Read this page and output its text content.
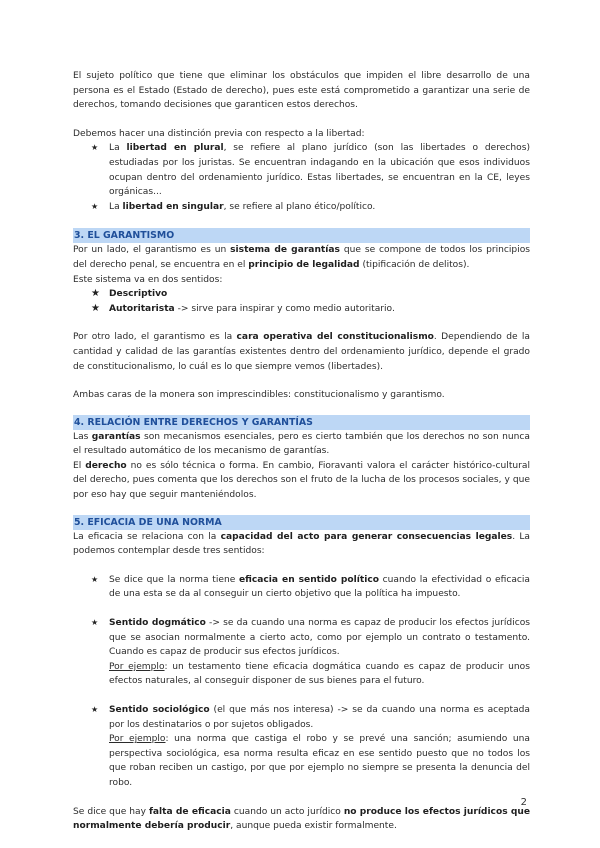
El sujeto político que tiene que eliminar los obstáculos que impiden el libre desarrollo de una persona es el Estado (Estado de derecho), pues este está comprometido a garantizar una serie de derechos, tomando decisiones que garanticen estos derechos.

Debemos hacer una distinción previa con respecto a la libertad:

★ La libertad en plural, se refiere al plano jurídico (son las libertades o derechos) estudiadas por los juristas. Se encuentran indagando en la ubicación que esos individuos ocupan dentro del ordenamiento jurídico. Estas libertades, se encuentran en la CE, leyes orgánicas...
★ La libertad en singular, se refiere al plano ético/político.
3. EL GARANTISMO

Por un lado, el garantismo es un sistema de garantías que se compone de todos los principios del derecho penal, se encuentra en el principio de legalidad (tipificación de delitos).

Este sistema va en dos sentidos:

★ Descriptivo
★ Autoritarista -> sirve para inspirar y como medio autoritario.

Por otro lado, el garantismo es la cara operativa del constitucionalismo. Dependiendo de la cantidad y calidad de las garantías existentes dentro del ordenamiento jurídico, depende el grado de constitucionalismo, lo cuál es lo que siempre vemos (libertades).

Ambas caras de la monera son imprescindibles: constitucionalismo y garantismo.

4. RELACIÓN ENTRE DERECHOS Y GARANTÍAS

Las garantías son mecanismos esenciales, pero es cierto también que los derechos no son nunca el resultado automático de los mecanismo de garantías.

El derecho no es sólo técnica o forma. En cambio, Fioravanti valora el carácter histórico-cultural del derecho, pues comenta que los derechos son el fruto de la lucha de los procesos sociales, y que por eso hay que seguir manteniéndolos.

5. EFICACIA DE UNA NORMA

La eficacia se relaciona con la capacidad del acto para generar consecuencias legales. La podemos contemplar desde tres sentidos:

★ Se dice que la norma tiene eficacia en sentido político cuando la efectividad o eficacia de una esta se da al conseguir un cierto objetivo que la política ha impuesto.
★ Sentido dogmático -> se da cuando una norma es capaz de producir los efectos jurídicos que se asocian normalmente a cierto acto, como por ejemplo un contrato o testamento. Cuando es capaz de producir sus efectos jurídicos.
Por ejemplo: un testamento tiene eficacia dogmática cuando es capaz de producir unos efectos naturales, al conseguir disponer de sus bienes para el futuro.
★ Sentido sociológico (el que más nos interesa) -> se da cuando una norma es aceptada por los destinatarios o por sujetos obligados.
Por ejemplo: una norma que castiga el robo y se prevé una sanción; asumiendo una perspectiva sociológica, esa norma resulta eficaz en ese sentido puesto que no todos los que roban reciben un castigo, por que por ejemplo no siempre se presenta la denuncia del robo.

Se dice que hay falta de eficacia cuando un acto jurídico no produce los efectos jurídicos que normalmente debería producir, aunque pueda existir formalmente.

2
